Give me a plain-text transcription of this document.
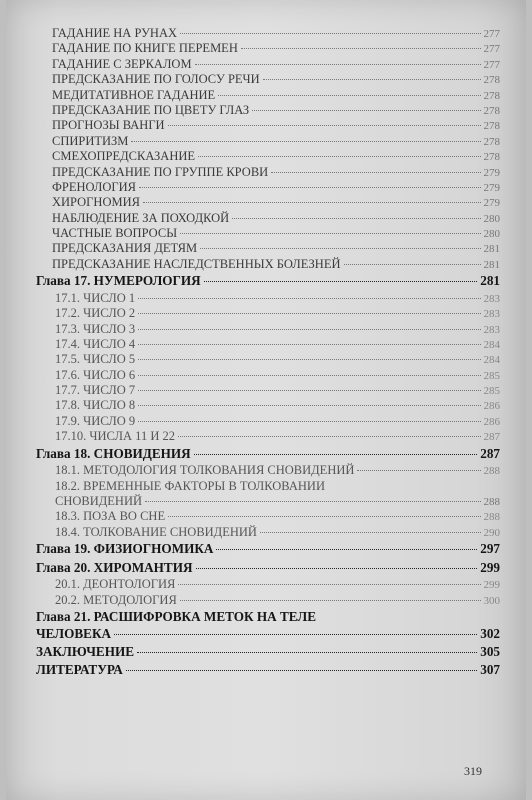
ГАДАНИЕ НА РУНАХ	277
ГАДАНИЕ ПО КНИГЕ ПЕРЕМЕН	277
ГАДАНИЕ С ЗЕРКАЛОМ	277
ПРЕДСКАЗАНИЕ ПО ГОЛОСУ РЕЧИ	278
МЕДИТАТИВНОЕ ГАДАНИЕ	278
ПРЕДСКАЗАНИЕ ПО ЦВЕТУ ГЛАЗ	278
ПРОГНОЗЫ ВАНГИ	278
СПИРИТИЗМ	278
СМЕХОПРЕДСКАЗАНИЕ	278
ПРЕДСКАЗАНИЕ ПО ГРУППЕ КРОВИ	279
ФРЕНОЛОГИЯ	279
ХИРОГНОМИЯ	279
НАБЛЮДЕНИЕ ЗА ПОХОДКОЙ	280
ЧАСТНЫЕ ВОПРОСЫ	280
ПРЕДСКАЗАНИЯ ДЕТЯМ	281
ПРЕДСКАЗАНИЕ НАСЛЕДСТВЕННЫХ БОЛЕЗНЕЙ	281
Глава 17. НУМЕРОЛОГИЯ	281
17.1. ЧИСЛО 1	283
17.2. ЧИСЛО 2	283
17.3. ЧИСЛО 3	283
17.4. ЧИСЛО 4	284
17.5. ЧИСЛО 5	284
17.6. ЧИСЛО 6	285
17.7. ЧИСЛО 7	285
17.8. ЧИСЛО 8	286
17.9. ЧИСЛО 9	286
17.10. ЧИСЛА 11 И 22	287
Глава 18. СНОВИДЕНИЯ	287
18.1. МЕТОДОЛОГИЯ ТОЛКОВАНИЯ СНОВИДЕНИЙ	288
18.2. ВРЕМЕННЫЕ ФАКТОРЫ В ТОЛКОВАНИИ
СНОВИДЕНИЙ	288
18.3. ПОЗА ВО СНЕ	288
18.4. ТОЛКОВАНИЕ СНОВИДЕНИЙ	290
Глава 19. ФИЗИОГНОМИКА	297
Глава 20. ХИРОМАНТИЯ	299
20.1. ДЕОНТОЛОГИЯ	299
20.2. МЕТОДОЛОГИЯ	300
Глава 21. РАСШИФРОВКА МЕТОК НА ТЕЛЕ
ЧЕЛОВЕКА	302
ЗАКЛЮЧЕНИЕ	305
ЛИТЕРАТУРА	307
319
